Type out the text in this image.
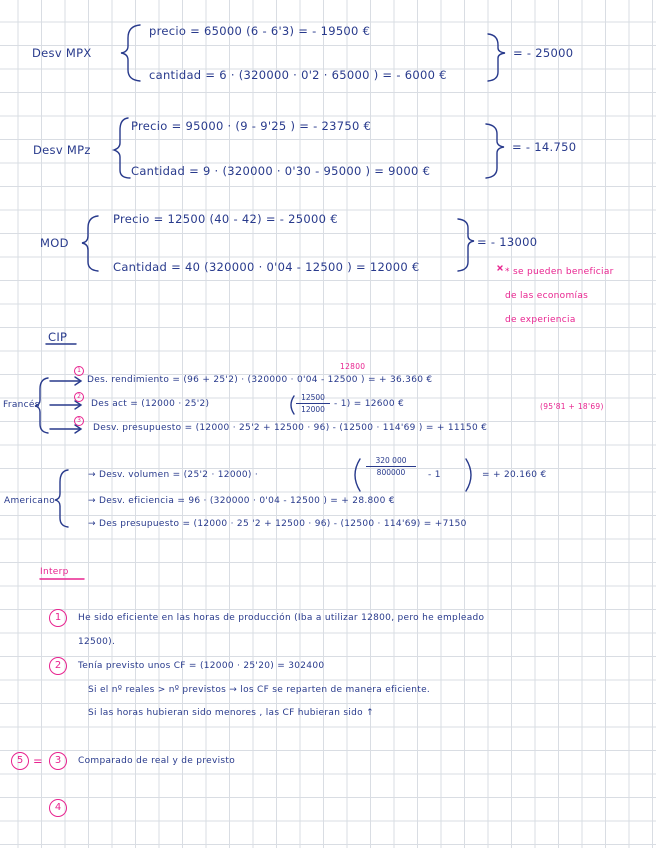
Desv MPX
precio = 65000 (6 - 6'3) = - 19500 €
cantidad = 6 · (320000 · 0'2 · 65000 ) = - 6000 €
= - 25000
Desv MPz
Precio = 95000 · (9 - 9'25 ) = - 23750 €
Cantidad = 9 · (320000 · 0'30 - 95000 ) = 9000 €
= - 14.750
MOD
Precio = 12500 (40 - 42) = - 25000 €
Cantidad = 40 (320000 · 0'04 - 12500 ) = 12000 €
= - 13000
* se pueden beneficiar
de las economías
de experiencia
CIP
Francés
1	12800
Des. rendimiento = (96 + 25'2) · (320000 · 0'04 - 12500 ) = + 36.360 €
2
Des act = (12000 · 25'2)
12500
12000
- 1) = 12600 €
3
(95'81 + 18'69)
Desv. presupuesto = (12000 · 25'2 + 12500 · 96) - (12500 · 114'69 ) = + 11150 €
Americano
→ Desv. volumen = (25'2 · 12000) ·
320 000
800000	- 1	= + 20.160 €
→ Desv. eficiencia = 96 · (320000 · 0'04 - 12500 ) = + 28.800 €
→ Des presupuesto = (12000 · 25 '2 + 12500 · 96) - (12500 · 114'69) = +7150
Interp
1	He sido eficiente en las horas de producción (Iba a utilizar 12800, pero he empleado
12500).
2	Tenía previsto unos CF = (12000 · 25'20) = 302400
Si el nº reales > nº previstos → los CF se reparten de manera eficiente.
Si las horas hubieran sido menores , las CF hubieran sido ↑
5 =	3	Comparado de real y de previsto
4
